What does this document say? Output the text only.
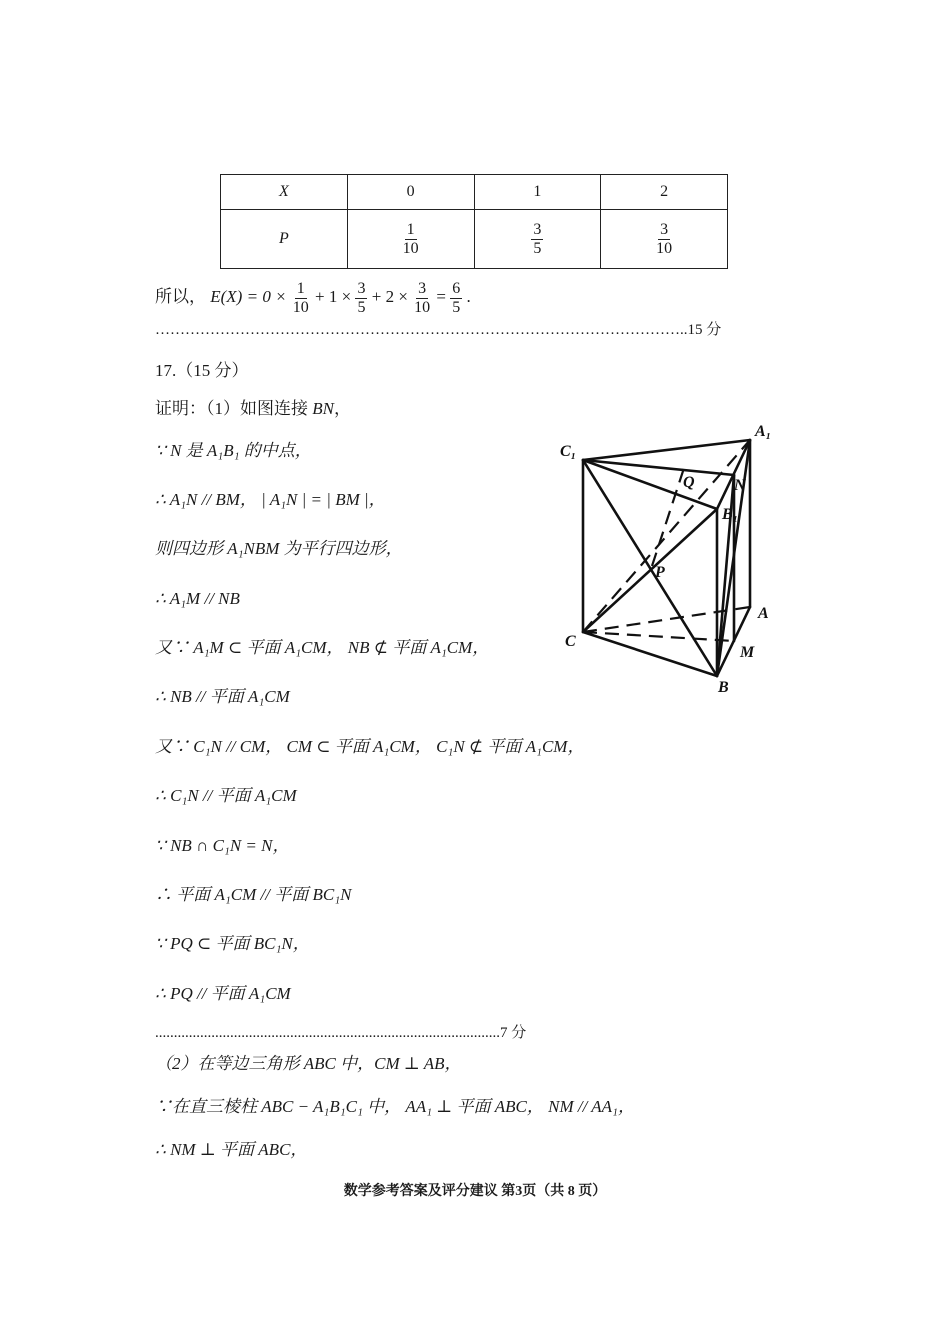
X	0	1	2
P	$\frac{1}{10}$	$\frac{3}{5}$	$\frac{3}{10}$
所以， $E(X) = 0 \times \frac{1}{10} + 1 \times \frac{3}{5} + 2 \times \frac{3}{10} = \frac{6}{5}$ .
……………………………………………………………………………………………..15 分
17.（15 分）
证明：（1）如图连接 BN，
∵ N 是 A₁B₁ 的中点，
∴ A₁N // BM， | A₁N | = | BM |，
则四边形 A₁NBM 为平行四边形，
∴ A₁M // NB
又∵ A₁M ⊂ 平面 A₁CM， NB ⊄ 平面 A₁CM，
∴ NB // 平面 A₁CM
又∵ C₁N // CM， CM ⊂ 平面 A₁CM， C₁N ⊄ 平面 A₁CM，
∴ C₁N // 平面 A₁CM
∵ NB ∩ C₁N = N，
∴ 平面 A₁CM // 平面 BC₁N
∵ PQ ⊂ 平面 BC₁N，
∴ PQ // 平面 A₁CM
............................................................................................7 分
（2）在等边三角形 ABC 中，CM ⊥ AB，
∵在直三棱柱 ABC − A₁B₁C₁ 中， AA₁ ⊥ 平面 ABC， NM // AA₁，
∴ NM ⊥ 平面 ABC，
A₁
C₁
B₁
Q N
P
A
C
M
B
数学参考答案及评分建议 第3页（共 8 页）
